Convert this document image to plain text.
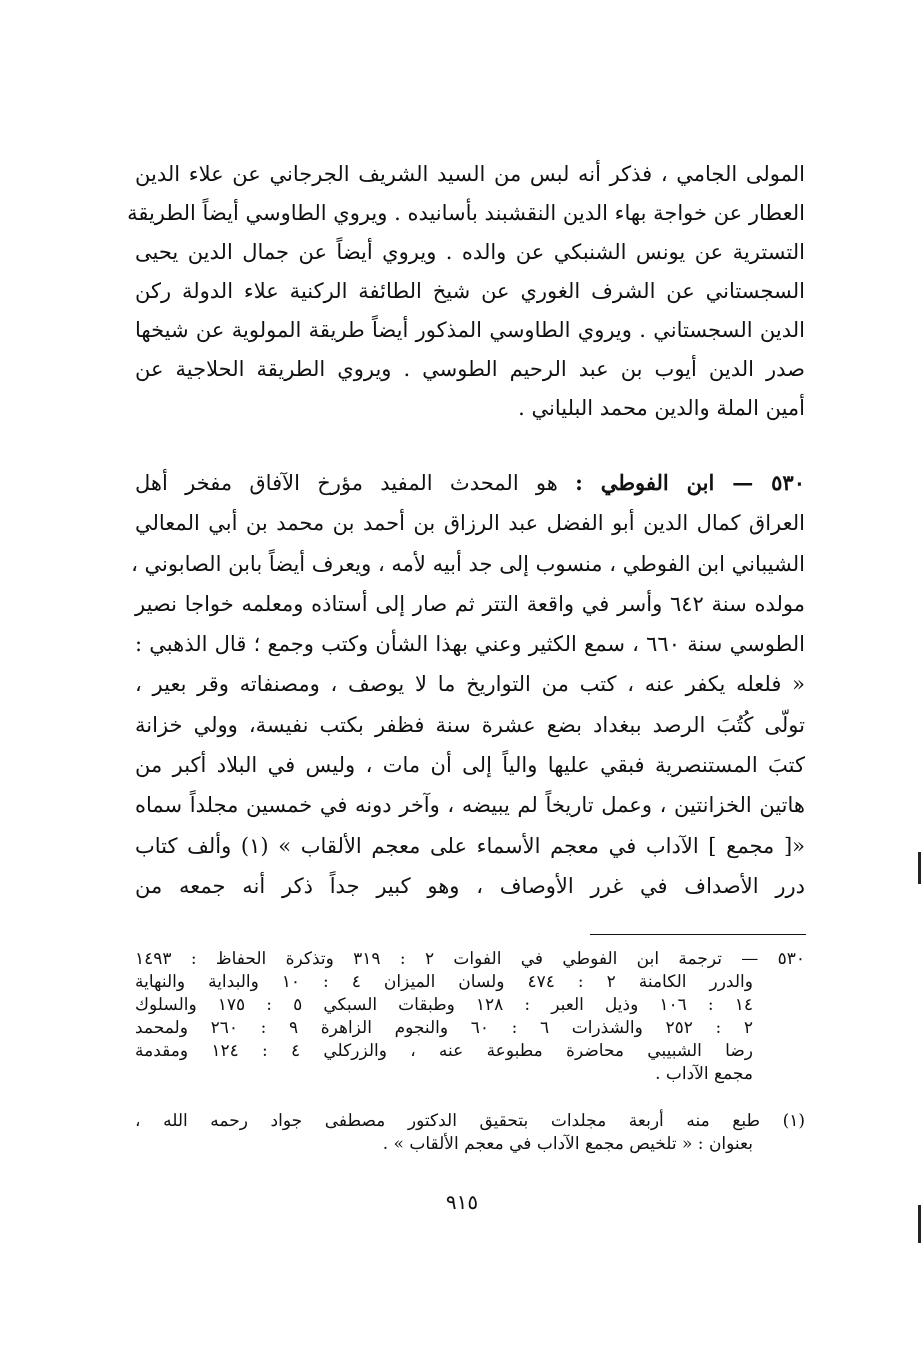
المولى الجامي ، فذكر أنه لبس من السيد الشريف الجرجاني عن علاء الدين
العطار عن خواجة بهاء الدين النقشبند بأسانيده . ويروي الطاوسي أيضاً الطريقة
التسترية عن يونس الشنبكي عن والده . ويروي أيضاً عن جمال الدين يحيى
السجستاني عن الشرف الغوري عن شيخ الطائفة الركنية علاء الدولة ركن
الدين السجستاني . ويروي الطاوسي المذكور أيضاً طريقة المولوية عن شيخها
صدر الدين أيوب بن عبد الرحيم الطوسي . ويروي الطريقة الحلاجية عن
أمين الملة والدين محمد البلياني .
٥٣٠ — ابن الفوطي : هو المحدث المفيد مؤرخ الآفاق مفخر أهل
العراق كمال الدين أبو الفضل عبد الرزاق بن أحمد بن محمد بن أبي المعالي
الشيباني ابن الفوطي ، منسوب إلى جد أبيه لأمه ، ويعرف أيضاً بابن الصابوني ،
مولده سنة ٦٤٢ وأسر في واقعة التتر ثم صار إلى أستاذه ومعلمه خواجا نصير
الطوسي سنة ٦٦٠ ، سمع الكثير وعني بهذا الشأن وكتب وجمع ؛ قال الذهبي :
« فلعله يكفر عنه ، كتب من التواريخ ما لا يوصف ، ومصنفاته وقر بعير ،
تولّى كُتُبَ الرصد ببغداد بضع عشرة سنة فظفر بكتب نفيسة، وولي خزانة
كتبَ المستنصرية فبقي عليها والياً إلى أن مات ، وليس في البلاد أكبر من
هاتين الخزانتين ، وعمل تاريخاً لم يبيضه ، وآخر دونه في خمسين مجلداً سماه
«[ مجمع ] الآداب في معجم الأسماء على معجم الألقاب » (١) وألف كتاب
درر الأصداف في غرر الأوصاف ، وهو كبير جداً ذكر أنه جمعه من
٥٣٠ — ترجمة ابن الفوطي في الفوات ٢ : ٣١٩ وتذكرة الحفاظ : ١٤٩٣
والدرر الكامنة ٢ : ٤٧٤ ولسان الميزان ٤ : ١٠ والبداية والنهاية
١٤ : ١٠٦ وذيل العبر : ١٢٨ وطبقات السبكي ٥ : ١٧٥ والسلوك
٢ : ٢٥٢ والشذرات ٦ : ٦٠ والنجوم الزاهرة ٩ : ٢٦٠ ولمحمد
رضا الشبيبي محاضرة مطبوعة عنه ، والزركلي ٤ : ١٢٤ ومقدمة
مجمع الآداب .
(١) طبع منه أربعة مجلدات بتحقيق الدكتور مصطفى جواد رحمه الله ،
بعنوان : « تلخيص مجمع الآداب في معجم الألقاب » .
٩١٥
